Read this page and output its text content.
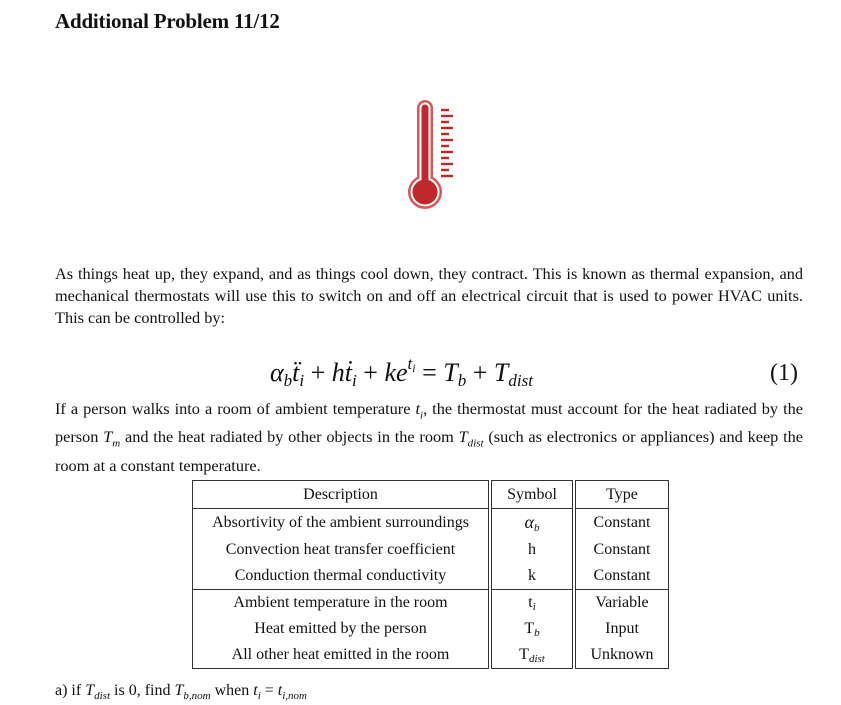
Additional Problem 11/12

As things heat up, they expand, and as things cool down, they contract. This is known as thermal expansion, and mechanical thermostats will use this to switch on and off an electrical circuit that is used to power HVAC units. This can be controlled by:

$\alpha_bẗ_i$ + hṫ$_i$ + $ke^{t_i} = T_b + T_{dist}$	(1)

If a person walks into a room of ambient temperature $t_i$, the thermostat must account for the heat radiated by the person $T_m$ and the heat radiated by other objects in the room $T_{dist}$ (such as electronics or appliances) and keep the room at a constant temperature.

Description	Symbol	Type
Absortivity of the ambient surroundings	$\alpha_b$	Constant
Convection heat transfer coefficient	h	Constant
Conduction thermal conductivity	k	Constant
Ambient temperature in the room	$t_i$	Variable
Heat emitted by the person	$T_b$	Input
All other heat emitted in the room	$T_{dist}$	Unknown
a) if $T_{dist}$ is 0, find $T_{b,nom}$ when $t_i = t_{i,nom}$
